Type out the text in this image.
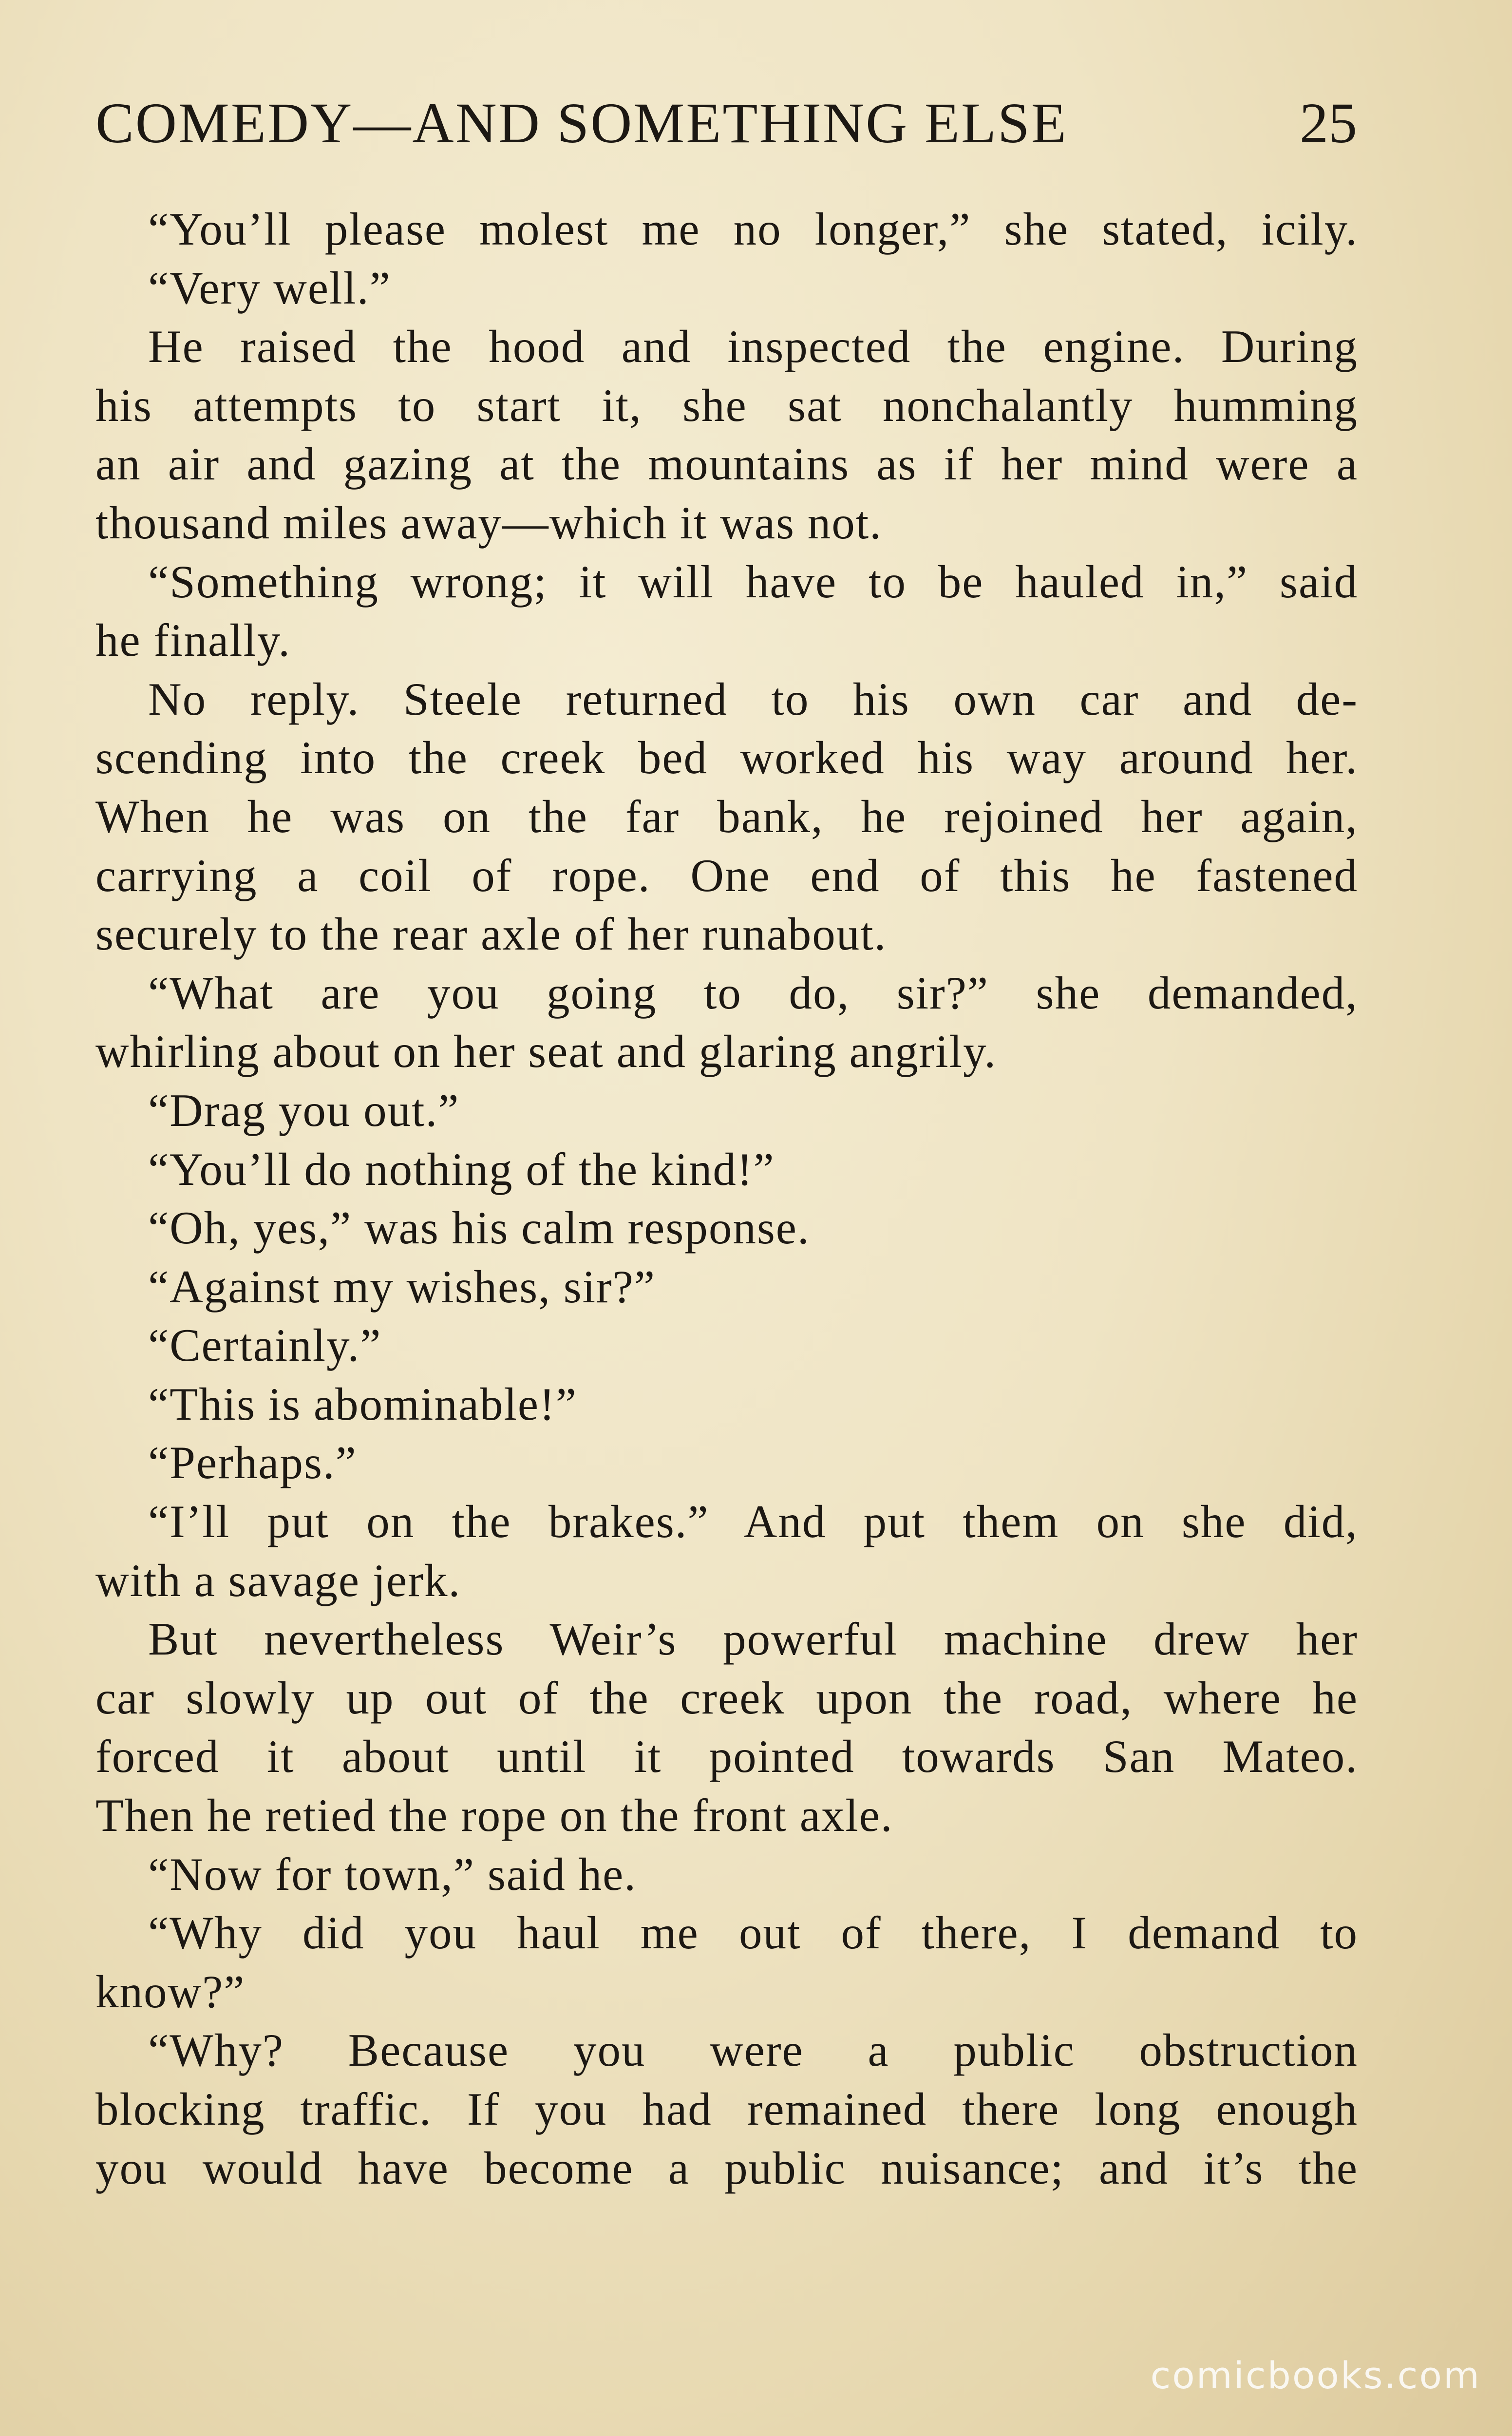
COMEDY—AND SOMETHING ELSE	25
“You’ll please molest me no longer,” she stated, icily.
“Very well.”
He raised the hood and inspected the engine. During
his attempts to start it, she sat nonchalantly humming
an air and gazing at the mountains as if her mind were a
thousand miles away—which it was not.
“Something wrong; it will have to be hauled in,” said
he finally.
No reply. Steele returned to his own car and de-
scending into the creek bed worked his way around her.
When he was on the far bank, he rejoined her again,
carrying a coil of rope. One end of this he fastened
securely to the rear axle of her runabout.
“What are you going to do, sir?” she demanded,
whirling about on her seat and glaring angrily.
“Drag you out.”
“You’ll do nothing of the kind!”
“Oh, yes,” was his calm response.
“Against my wishes, sir?”
“Certainly.”
“This is abominable!”
“Perhaps.”
“I’ll put on the brakes.” And put them on she did,
with a savage jerk.
But nevertheless Weir’s powerful machine drew her
car slowly up out of the creek upon the road, where he
forced it about until it pointed towards San Mateo.
Then he retied the rope on the front axle.
“Now for town,” said he.
“Why did you haul me out of there, I demand to
know?”
“Why? Because you were a public obstruction
blocking traffic. If you had remained there long enough
you would have become a public nuisance; and it’s the
comicbooks.com
